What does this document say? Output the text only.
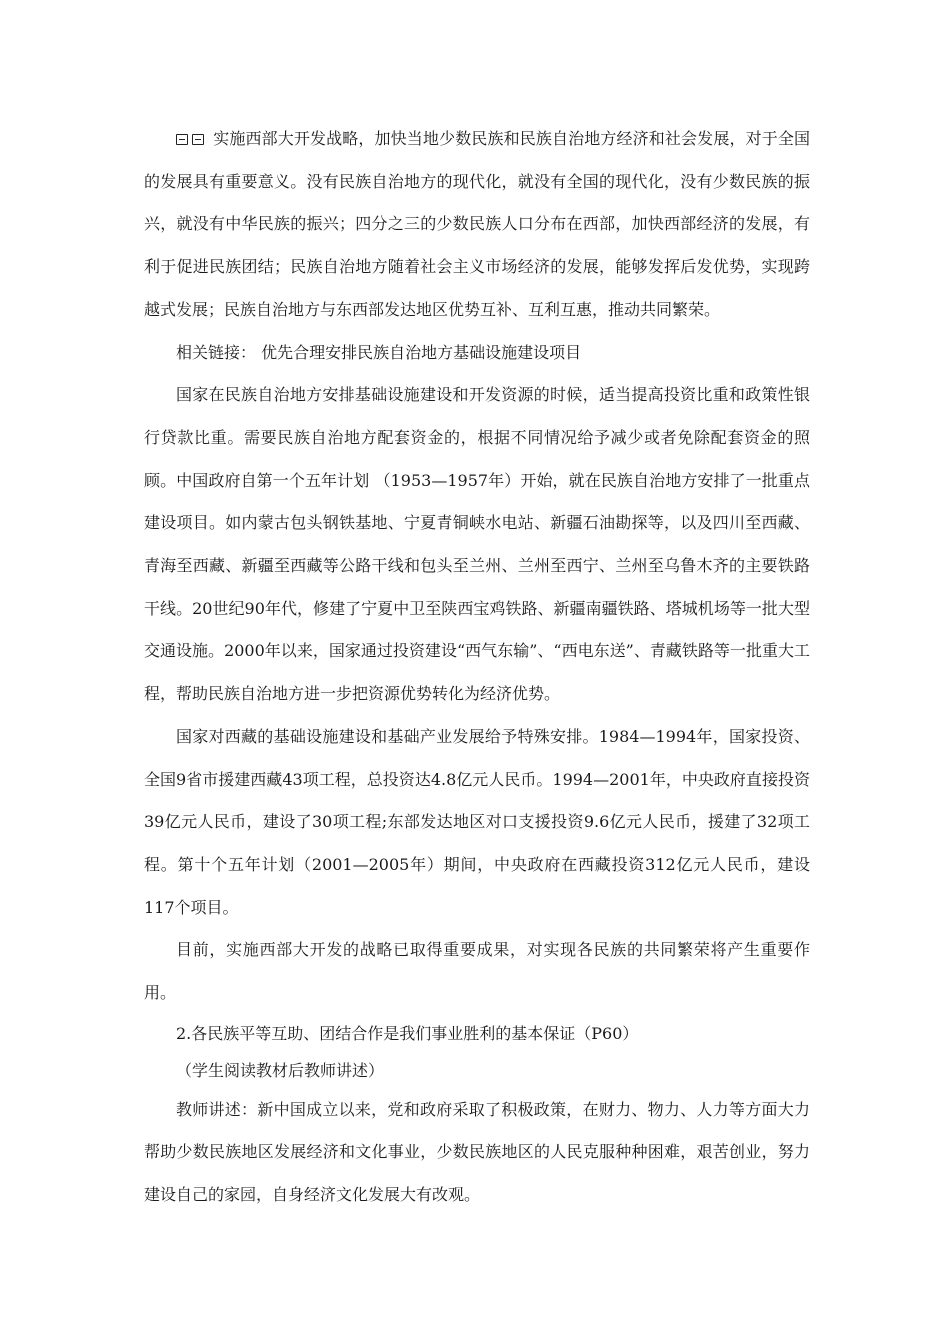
实施西部大开发战略，加快当地少数民族和民族自治地方经济和社会发展，对于全国的发展具有重要意义。没有民族自治地方的现代化，就没有全国的现代化，没有少数民族的振兴，就没有中华民族的振兴；四分之三的少数民族人口分布在西部，加快西部经济的发展，有利于促进民族团结；民族自治地方随着社会主义市场经济的发展，能够发挥后发优势，实现跨越式发展；民族自治地方与东西部发达地区优势互补、互利互惠，推动共同繁荣。

相关链接： 优先合理安排民族自治地方基础设施建设项目

国家在民族自治地方安排基础设施建设和开发资源的时候，适当提高投资比重和政策性银行贷款比重。需要民族自治地方配套资金的，根据不同情况给予减少或者免除配套资金的照顾。中国政府自第一个五年计划 （1953—1957年）开始，就在民族自治地方安排了一批重点建设项目。如内蒙古包头钢铁基地、宁夏青铜峡水电站、新疆石油勘探等，以及四川至西藏、青海至西藏、新疆至西藏等公路干线和包头至兰州、兰州至西宁、兰州至乌鲁木齐的主要铁路干线。20世纪90年代，修建了宁夏中卫至陕西宝鸡铁路、新疆南疆铁路、塔城机场等一批大型交通设施。2000年以来，国家通过投资建设“西气东输”、“西电东送”、青藏铁路等一批重大工程，帮助民族自治地方进一步把资源优势转化为经济优势。

国家对西藏的基础设施建设和基础产业发展给予特殊安排。1984—1994年，国家投资、全国9省市援建西藏43项工程，总投资达4.8亿元人民币。1994—2001年，中央政府直接投资39亿元人民币，建设了30项工程;东部发达地区对口支援投资9.6亿元人民币，援建了32项工程。第十个五年计划（2001—2005年）期间，中央政府在西藏投资312亿元人民币，建设117个项目。

目前，实施西部大开发的战略已取得重要成果，对实现各民族的共同繁荣将产生重要作用。

2.各民族平等互助、团结合作是我们事业胜利的基本保证（P60）

（学生阅读教材后教师讲述）

教师讲述：新中国成立以来，党和政府采取了积极政策，在财力、物力、人力等方面大力帮助少数民族地区发展经济和文化事业，少数民族地区的人民克服种种困难，艰苦创业，努力建设自己的家园，自身经济文化发展大有改观。
